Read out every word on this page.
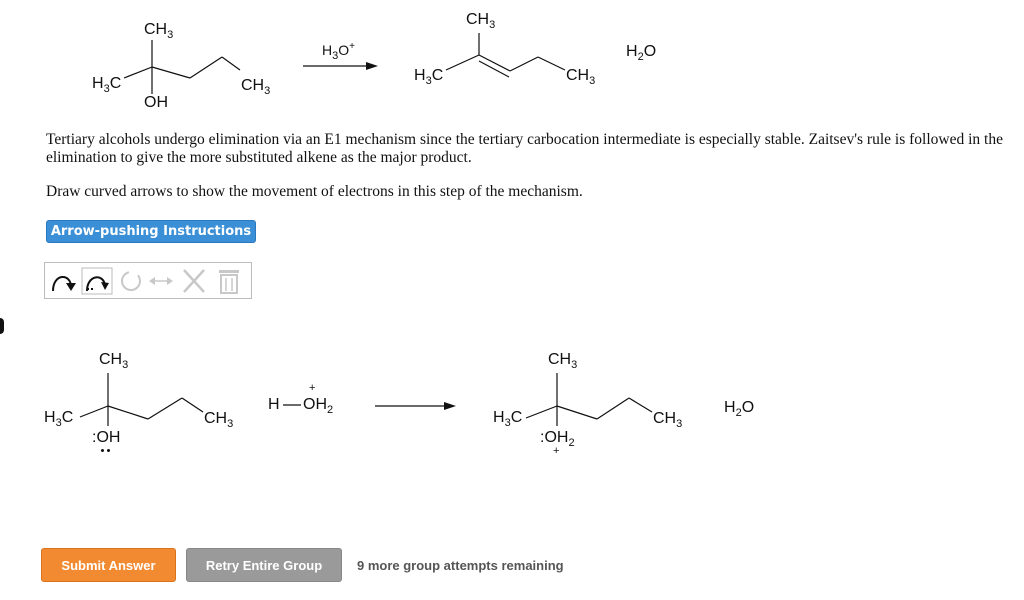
$CH_3$
$H_3C$	$CH_3$
OH
$H_3O^+$
$CH_3$
$H_3C$	$CH_3$
$H_2O$
Tertiary alcohols undergo elimination via an E1 mechanism since the tertiary carbocation intermediate is especially stable. Zaitsev's rule is followed in the elimination to give the more substituted alkene as the major product.
Draw curved arrows to show the movement of electrons in this step of the mechanism.
Arrow-pushing Instructions
$CH_3$
$H_3C$	$CH_3$
:OH
H $OH_2$
+
$CH_3$
$H_3C$	$CH_3$
$:OH_2$
+
$H_2O$
Submit Answer	Retry Entire Group	9 more group attempts remaining
